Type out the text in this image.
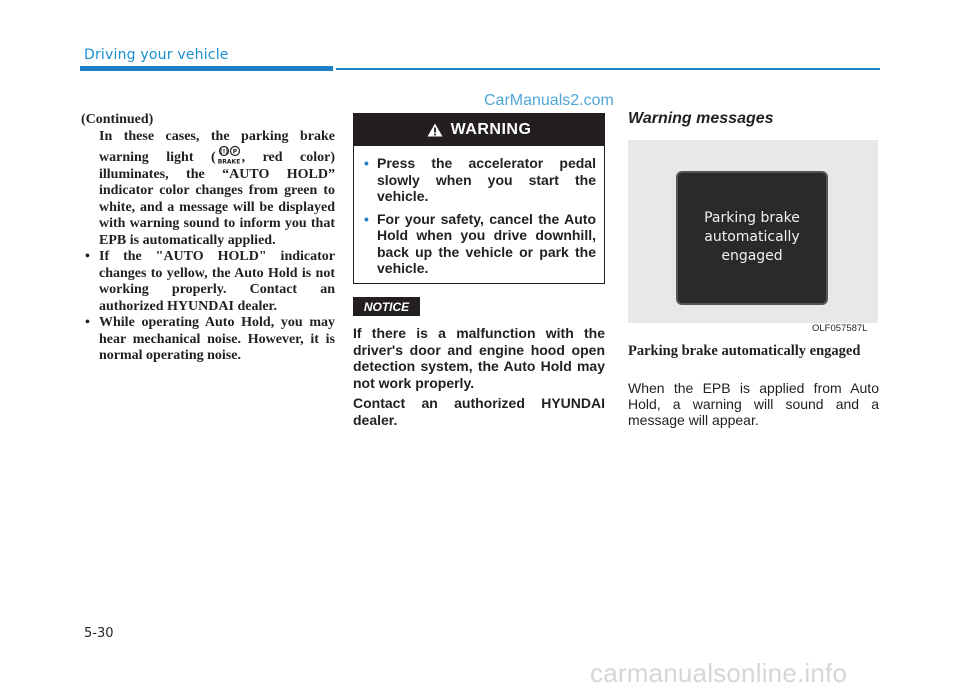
Driving your vehicle
CarManuals2.com
(Continued)
In these cases, the parking brake warning light ( (!) P
BRAKE , red color) illuminates, the “AUTO HOLD” indicator color changes from green to white, and a message will be displayed with warning sound to inform you that EPB is automatically applied.
• If the "AUTO HOLD" indicator changes to yellow, the Auto Hold is not working properly. Contact an authorized HYUNDAI dealer.
• While operating Auto Hold, you may hear mechanical noise. However, it is normal operating noise.
WARNING
• Press the accelerator pedal slowly when you start the vehicle.
• For your safety, cancel the Auto Hold when you drive downhill, back up the vehicle or park the vehicle.
NOTICE

If there is a malfunction with the driver's door and engine hood open detection system, the Auto Hold may not work properly.

Contact an authorized HYUNDAI dealer.

Warning messages
Parking brake
automatically
engaged
OLF057587L
Parking brake automatically engaged
When the EPB is applied from Auto Hold, a warning will sound and a message will appear.
5-30
carmanualsonline.info
